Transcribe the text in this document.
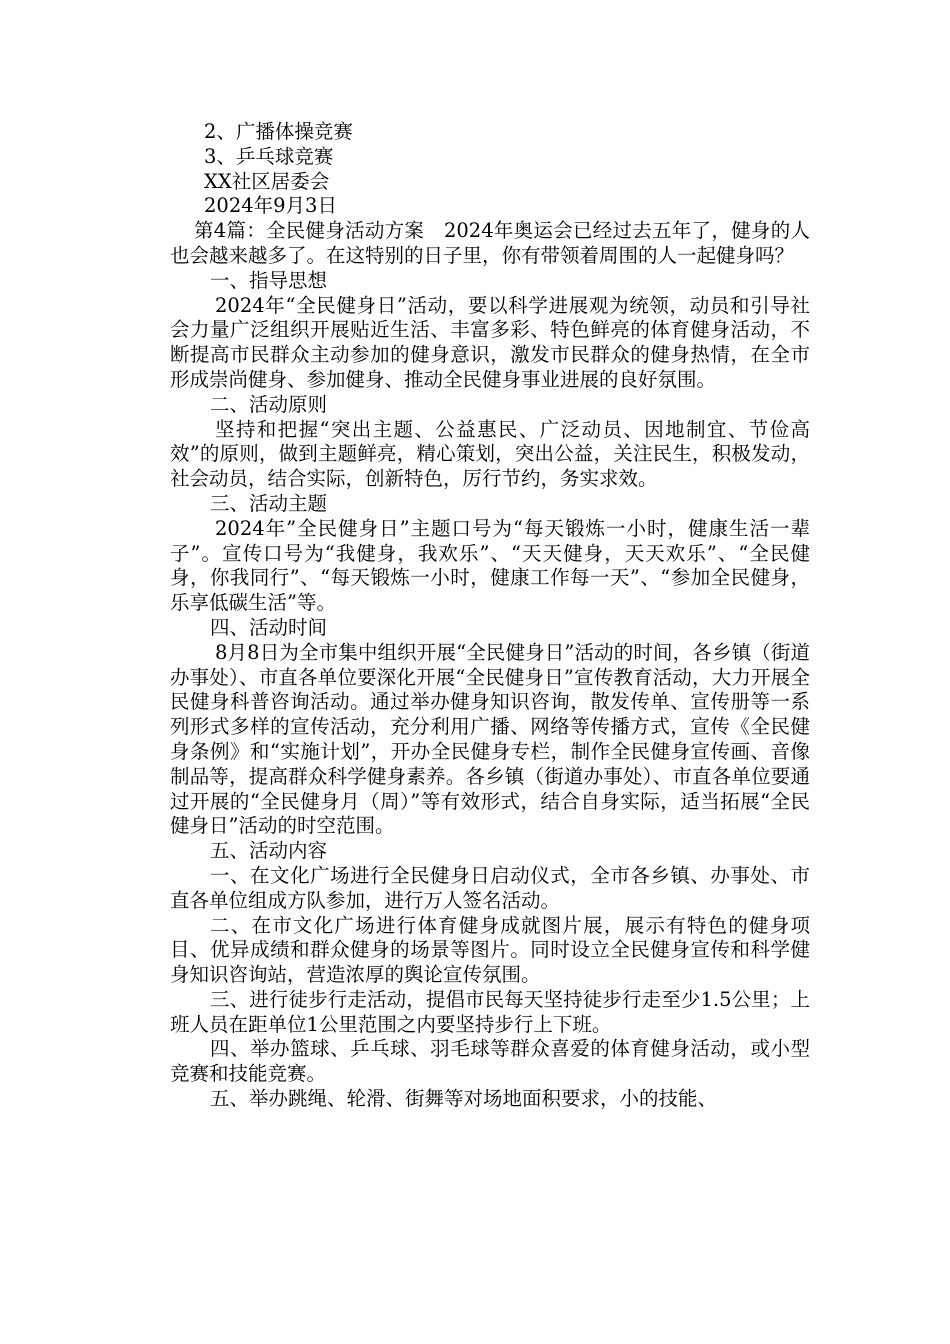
2、广播体操竞赛

3、乒乓球竞赛

XX社区居委会

2024年9月3日

第4篇：全民健身活动方案　2024年奥运会已经过去五年了，健身的人也会越来越多了。在这特别的日子里，你有带领着周围的人一起健身吗？

一、指导思想

2024年“全民健身日”活动，要以科学进展观为统领，动员和引导社会力量广泛组织开展贴近生活、丰富多彩、特色鲜亮的体育健身活动，不断提高市民群众主动参加的健身意识，激发市民群众的健身热情，在全市形成崇尚健身、参加健身、推动全民健身事业进展的良好氛围。

二、活动原则

坚持和把握“突出主题、公益惠民、广泛动员、因地制宜、节俭高效”的原则，做到主题鲜亮，精心策划，突出公益，关注民生，积极发动，社会动员，结合实际，创新特色，厉行节约，务实求效。

三、活动主题

2024年”全民健身日”主题口号为“每天锻炼一小时，健康生活一辈子”。宣传口号为“我健身，我欢乐”、“天天健身，天天欢乐”、“全民健身，你我同行”、“每天锻炼一小时，健康工作每一天”、“参加全民健身，乐享低碳生活”等。

四、活动时间

8月8日为全市集中组织开展“全民健身日”活动的时间，各乡镇（街道办事处）、市直各单位要深化开展“全民健身日”宣传教育活动，大力开展全民健身科普咨询活动。通过举办健身知识咨询，散发传单、宣传册等一系列形式多样的宣传活动，充分利用广播、网络等传播方式，宣传《全民健身条例》和“实施计划”，开办全民健身专栏，制作全民健身宣传画、音像制品等，提高群众科学健身素养。各乡镇（街道办事处）、市直各单位要通过开展的“全民健身月（周）”等有效形式，结合自身实际，适当拓展“全民健身日”活动的时空范围。

五、活动内容

一、在文化广场进行全民健身日启动仪式，全市各乡镇、办事处、市直各单位组成方队参加，进行万人签名活动。

二、在市文化广场进行体育健身成就图片展，展示有特色的健身项目、优异成绩和群众健身的场景等图片。同时设立全民健身宣传和科学健身知识咨询站，营造浓厚的舆论宣传氛围。

三、进行徒步行走活动，提倡市民每天坚持徒步行走至少1.5公里；上班人员在距单位1公里范围之内要坚持步行上下班。

四、举办篮球、乒乓球、羽毛球等群众喜爱的体育健身活动，或小型竞赛和技能竞赛。

五、举办跳绳、轮滑、街舞等对场地面积要求，小的技能、
